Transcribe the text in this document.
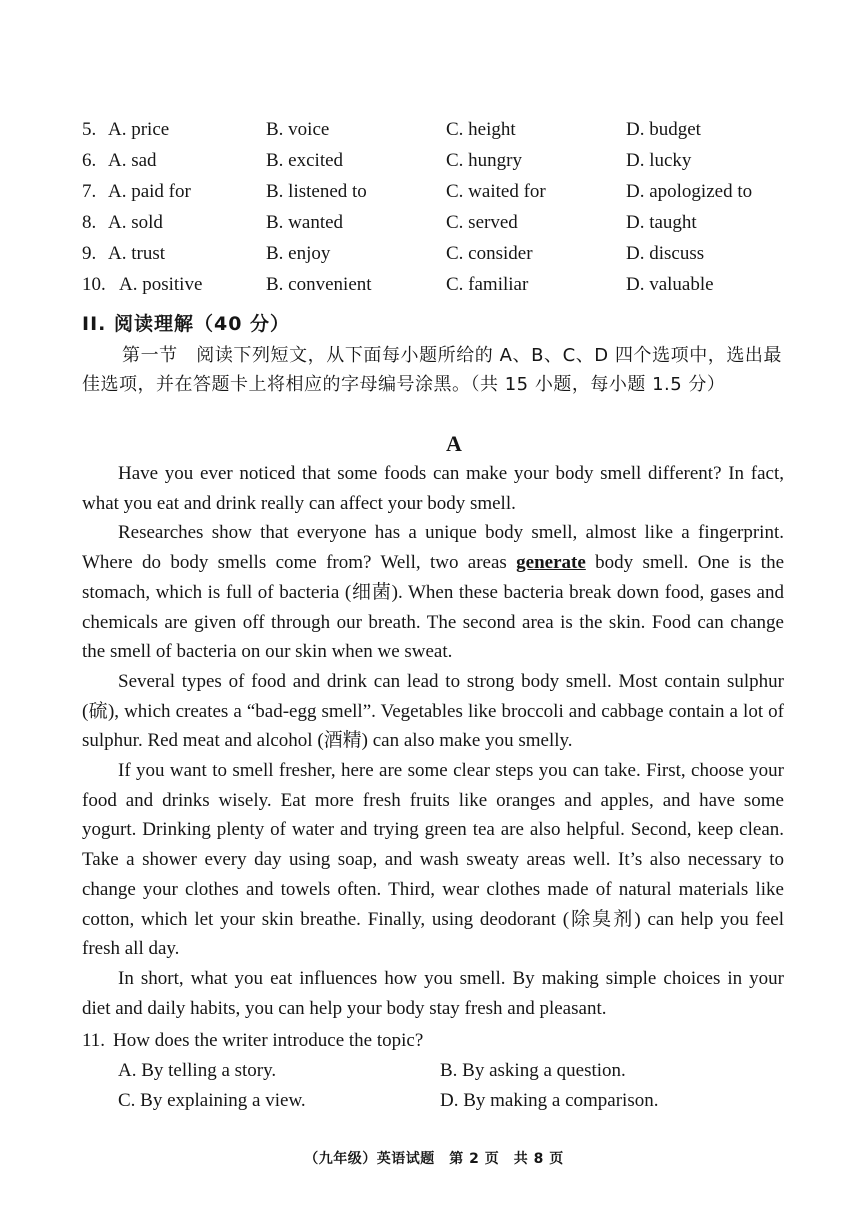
5. A. price	B. voice	C. height	D. budget
6. A. sad	B. excited	C. hungry	D. lucky
7. A. paid for	B. listened to	C. waited for	D. apologized to
8. A. sold	B. wanted	C. served	D. taught
9. A. trust	B. enjoy	C. consider	D. discuss
10. A. positive	B. convenient	C. familiar	D. valuable
II. 阅读理解（40 分）
第一节　阅读下列短文，从下面每小题所给的 A、B、C、D 四个选项中，选出最佳选项，并在答题卡上将相应的字母编号涂黑。（共 15 小题，每小题 1.5 分）
A

Have you ever noticed that some foods can make your body smell different? In fact, what you eat and drink really can affect your body smell.

Researches show that everyone has a unique body smell, almost like a fingerprint. Where do body smells come from? Well, two areas generate body smell. One is the stomach, which is full of bacteria (细菌). When these bacteria break down food, gases and chemicals are given off through our breath. The second area is the skin. Food can change the smell of bacteria on our skin when we sweat.

Several types of food and drink can lead to strong body smell. Most contain sulphur (硫), which creates a “bad-egg smell”. Vegetables like broccoli and cabbage contain a lot of sulphur. Red meat and alcohol (酒精) can also make you smelly.

If you want to smell fresher, here are some clear steps you can take. First, choose your food and drinks wisely. Eat more fresh fruits like oranges and apples, and have some yogurt. Drinking plenty of water and trying green tea are also helpful. Second, keep clean. Take a shower every day using soap, and wash sweaty areas well. It’s also necessary to change your clothes and towels often. Third, wear clothes made of natural materials like cotton, which let your skin breathe. Finally, using deodorant (除臭剂) can help you feel fresh all day.

In short, what you eat influences how you smell. By making simple choices in your diet and daily habits, you can help your body stay fresh and pleasant.

11. How does the writer introduce the topic?
A. By telling a story.	B. By asking a question.
C. By explaining a view.	D. By making a comparison.
（九年级）英语试题　第 2 页　共 8 页
